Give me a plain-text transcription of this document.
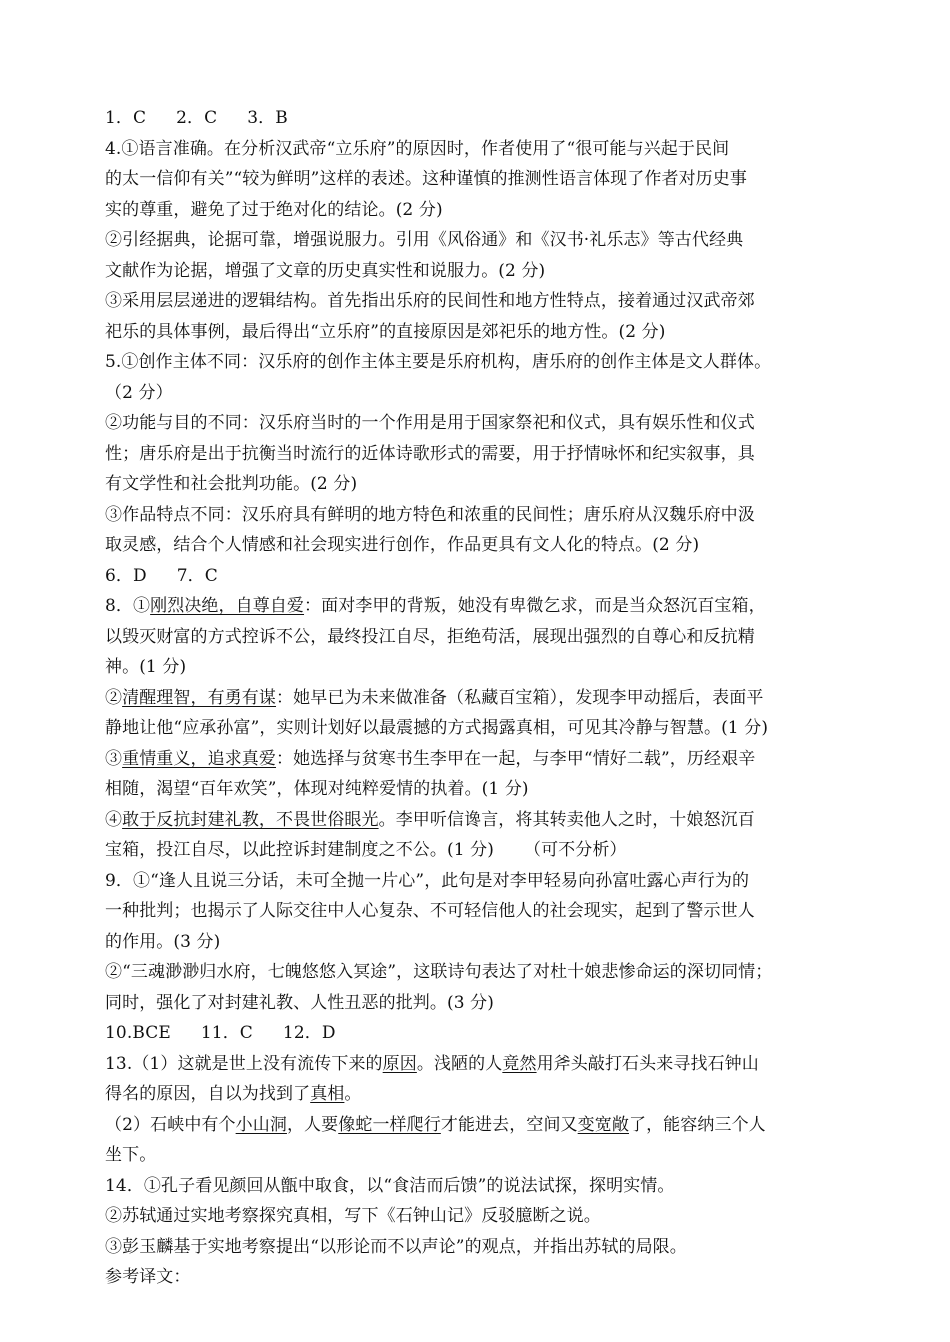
1．C 2．C 3．B
4.①语言准确。在分析汉武帝“立乐府”的原因时，作者使用了“很可能与兴起于民间
的太一信仰有关”“较为鲜明”这样的表述。这种谨慎的推测性语言体现了作者对历史事
实的尊重，避免了过于绝对化的结论。(2 分)
②引经据典，论据可靠，增强说服力。引用《风俗通》和《汉书·礼乐志》等古代经典
文献作为论据，增强了文章的历史真实性和说服力。(2 分)
③采用层层递进的逻辑结构。首先指出乐府的民间性和地方性特点，接着通过汉武帝郊
祀乐的具体事例，最后得出“立乐府”的直接原因是郊祀乐的地方性。(2 分)
5.①创作主体不同：汉乐府的创作主体主要是乐府机构，唐乐府的创作主体是文人群体。
（2 分）
②功能与目的不同：汉乐府当时的一个作用是用于国家祭祀和仪式，具有娱乐性和仪式
性；唐乐府是出于抗衡当时流行的近体诗歌形式的需要，用于抒情咏怀和纪实叙事，具
有文学性和社会批判功能。(2 分)
③作品特点不同：汉乐府具有鲜明的地方特色和浓重的民间性；唐乐府从汉魏乐府中汲
取灵感，结合个人情感和社会现实进行创作，作品更具有文人化的特点。(2 分)
6．D 7．C
8．①刚烈决绝，自尊自爱：面对李甲的背叛，她没有卑微乞求，而是当众怒沉百宝箱，
以毁灭财富的方式控诉不公，最终投江自尽，拒绝苟活，展现出强烈的自尊心和反抗精
神。(1 分)
②清醒理智，有勇有谋：她早已为未来做准备（私藏百宝箱），发现李甲动摇后，表面平
静地让他“应承孙富”，实则计划好以最震撼的方式揭露真相，可见其冷静与智慧。(1 分)
③重情重义，追求真爱：她选择与贫寒书生李甲在一起，与李甲“情好二载”，历经艰辛
相随，渴望“百年欢笑”，体现对纯粹爱情的执着。(1 分)
④敢于反抗封建礼教，不畏世俗眼光。李甲听信谗言，将其转卖他人之时，十娘怒沉百
宝箱，投江自尽，以此控诉封建制度之不公。(1 分) （可不分析）
9．①“逢人且说三分话，未可全抛一片心”，此句是对李甲轻易向孙富吐露心声行为的
一种批判；也揭示了人际交往中人心复杂、不可轻信他人的社会现实，起到了警示世人
的作用。(3 分)
②“三魂渺渺归水府，七魄悠悠入冥途”，这联诗句表达了对杜十娘悲惨命运的深切同情；
同时，强化了对封建礼教、人性丑恶的批判。(3 分)
10.BCE 11．C 12．D
13.（1）这就是世上没有流传下来的原因。浅陋的人竟然用斧头敲打石头来寻找石钟山
得名的原因，自以为找到了真相。
（2）石峡中有个小山洞，人要像蛇一样爬行才能进去，空间又变宽敞了，能容纳三个人
坐下。
14．①孔子看见颜回从甑中取食，以“食洁而后馈”的说法试探，探明实情。
②苏轼通过实地考察探究真相，写下《石钟山记》反驳臆断之说。
③彭玉麟基于实地考察提出“以形论而不以声论”的观点，并指出苏轼的局限。
参考译文：
